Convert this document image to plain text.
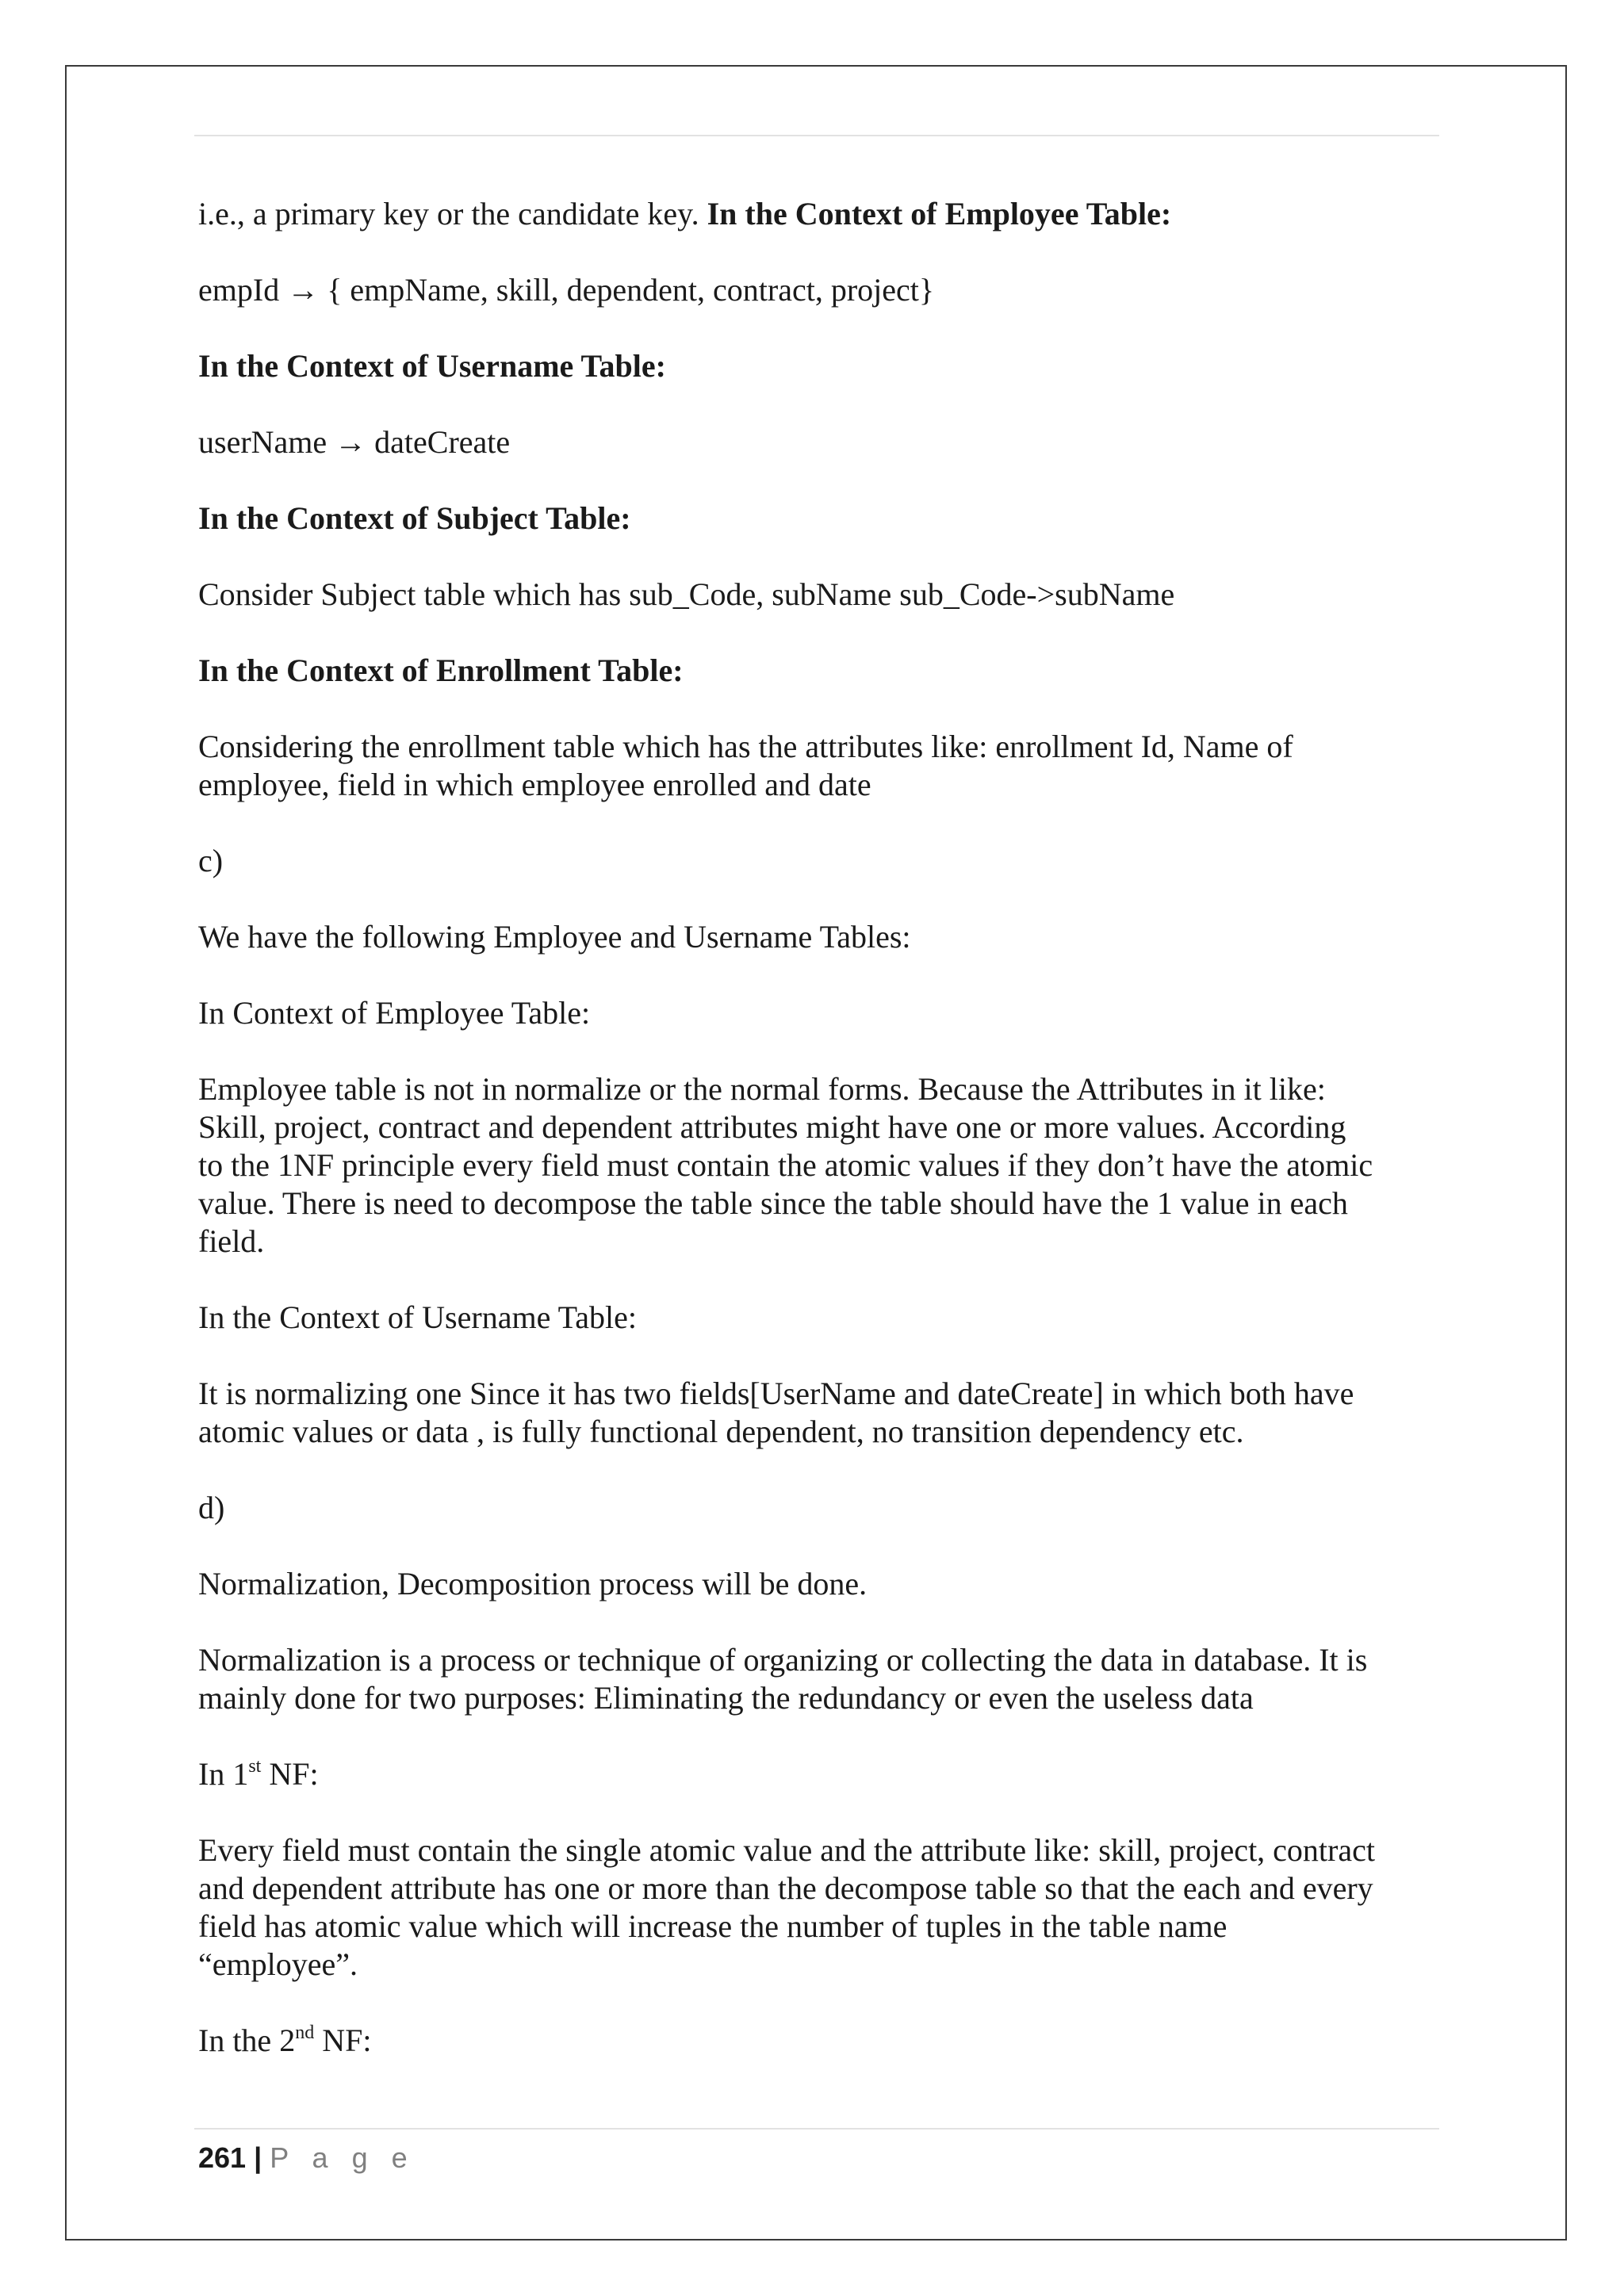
i.e., a primary key or the candidate key. In the Context of Employee Table:

empId → { empName, skill, dependent, contract, project}

In the Context of Username Table:

userName → dateCreate

In the Context of Subject Table:

Consider Subject table which has sub_Code, subName sub_Code->subName

In the Context of Enrollment Table:

Considering the enrollment table which has the attributes like: enrollment Id, Name of
employee, field in which employee enrolled and date

c)

We have the following Employee and Username Tables:

In Context of Employee Table:

Employee table is not in normalize or the normal forms. Because the Attributes in it like:
Skill, project, contract and dependent attributes might have one or more values. According
to the 1NF principle every field must contain the atomic values if they don’t have the atomic
value. There is need to decompose the table since the table should have the 1 value in each
field.

In the Context of Username Table:

It is normalizing one Since it has two fields[UserName and dateCreate] in which both have
atomic values or data , is fully functional dependent, no transition dependency etc.

d)

Normalization, Decomposition process will be done.

Normalization is a process or technique of organizing or collecting the data in database. It is
mainly done for two purposes: Eliminating the redundancy or even the useless data

In 1st NF:

Every field must contain the single atomic value and the attribute like: skill, project, contract
and dependent attribute has one or more than the decompose table so that the each and every
field has atomic value which will increase the number of tuples in the table name
“employee”.

In the 2nd NF:

261 | P a g e
